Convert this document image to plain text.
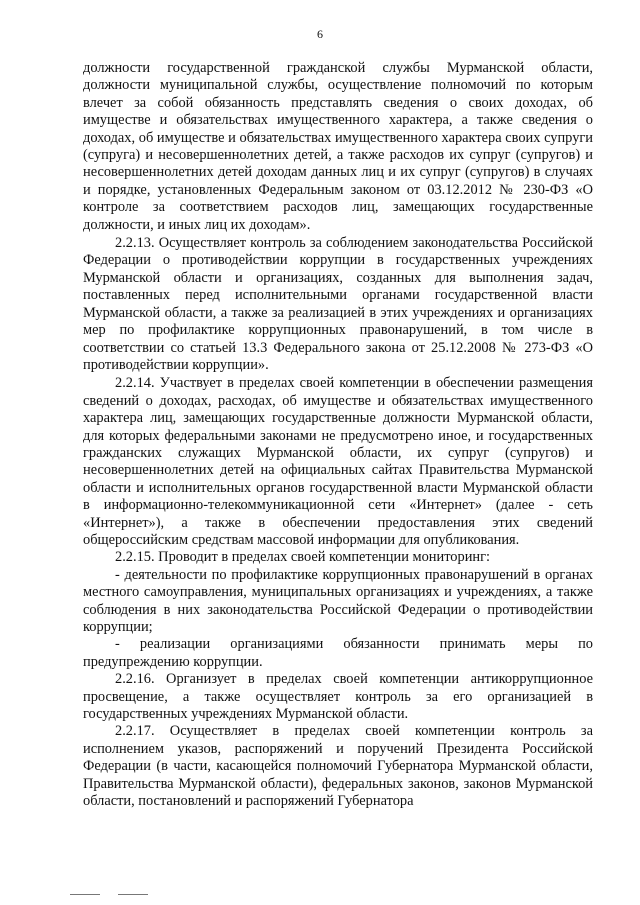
6

должности государственной гражданской службы Мурманской области, должности муниципальной службы, осуществление полномочий по которым влечет за собой обязанность представлять сведения о своих доходах, об имуществе и обязательствах имущественного характера, а также сведения о доходах, об имуществе и обязательствах имущественного характера своих супруги (супруга) и несовершеннолетних детей, а также расходов их супруг (супругов) и несовершеннолетних детей доходам данных лиц и их супруг (супругов) в случаях и порядке, установленных Федеральным законом от 03.12.2012 № 230-ФЗ «О контроле за соответствием расходов лиц, замещающих государственные должности, и иных лиц их доходам».

2.2.13. Осуществляет контроль за соблюдением законодательства Российской Федерации о противодействии коррупции в государственных учреждениях Мурманской области и организациях, созданных для выполнения задач, поставленных перед исполнительными органами государственной власти Мурманской области, а также за реализацией в этих учреждениях и организациях мер по профилактике коррупционных правонарушений, в том числе в соответствии со статьей 13.3 Федерального закона от 25.12.2008 № 273-ФЗ «О противодействии коррупции».

2.2.14. Участвует в пределах своей компетенции в обеспечении размещения сведений о доходах, расходах, об имуществе и обязательствах имущественного характера лиц, замещающих государственные должности Мурманской области, для которых федеральными законами не предусмотрено иное, и государственных гражданских служащих Мурманской области, их супруг (супругов) и несовершеннолетних детей на официальных сайтах Правительства Мурманской области и исполнительных органов государственной власти Мурманской области в информационно-телекоммуникационной сети «Интернет» (далее - сеть «Интернет»), а также в обеспечении предоставления этих сведений общероссийским средствам массовой информации для опубликования.

2.2.15. Проводит в пределах своей компетенции мониторинг:

- деятельности по профилактике коррупционных правонарушений в органах местного самоуправления, муниципальных организациях и учреждениях, а также соблюдения в них законодательства Российской Федерации о противодействии коррупции;

- реализации организациями обязанности принимать меры по предупреждению коррупции.

2.2.16. Организует в пределах своей компетенции антикоррупционное просвещение, а также осуществляет контроль за его организацией в государственных учреждениях Мурманской области.

2.2.17. Осуществляет в пределах своей компетенции контроль за исполнением указов, распоряжений и поручений Президента Российской Федерации (в части, касающейся полномочий Губернатора Мурманской области, Правительства Мурманской области), федеральных законов, законов Мурманской области, постановлений и распоряжений Губернатора
